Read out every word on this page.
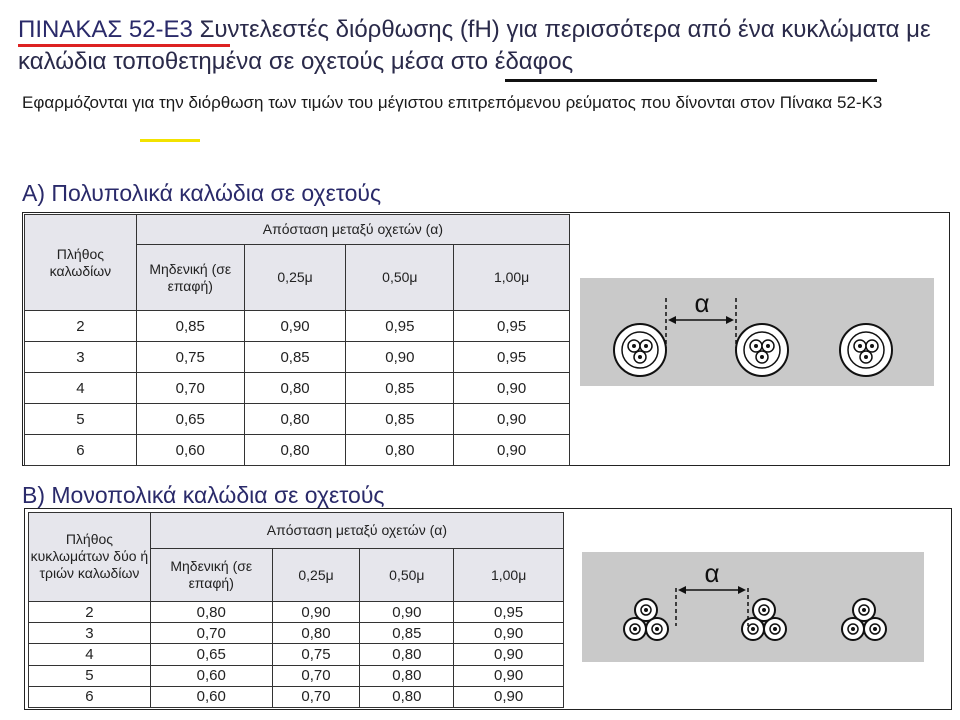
ΠΙΝΑΚΑΣ 52-Ε3 Συντελεστές διόρθωσης (fH) για περισσότερα από ένα κυκλώματα με καλώδια τοποθετημένα σε οχετούς μέσα στο έδαφος
Εφαρμόζονται για την διόρθωση των τιμών του μέγιστου επιτρεπόμενου ρεύματος που δίνονται στον Πίνακα 52-Κ3
Α) Πολυπολικά καλώδια σε οχετούς
Πλήθος καλωδίων	Απόσταση μεταξύ οχετών (α)			
	Μηδενική (σε επαφή)	0,25μ	0,50μ	1,00μ
2	0,85	0,90	0,95	0,95
3	0,75	0,85	0,90	0,95
4	0,70	0,80	0,85	0,90
5	0,65	0,80	0,85	0,90
6	0,60	0,80	0,80	0,90
α
Β) Μονοπολικά καλώδια σε οχετούς
Πλήθος κυκλωμάτων δύο ή τριών καλωδίων	Απόσταση μεταξύ οχετών (α)			
	Μηδενική (σε επαφή)	0,25μ	0,50μ	1,00μ
2	0,80	0,90	0,90	0,95
3	0,70	0,80	0,85	0,90
4	0,65	0,75	0,80	0,90
5	0,60	0,70	0,80	0,90
6	0,60	0,70	0,80	0,90
α
